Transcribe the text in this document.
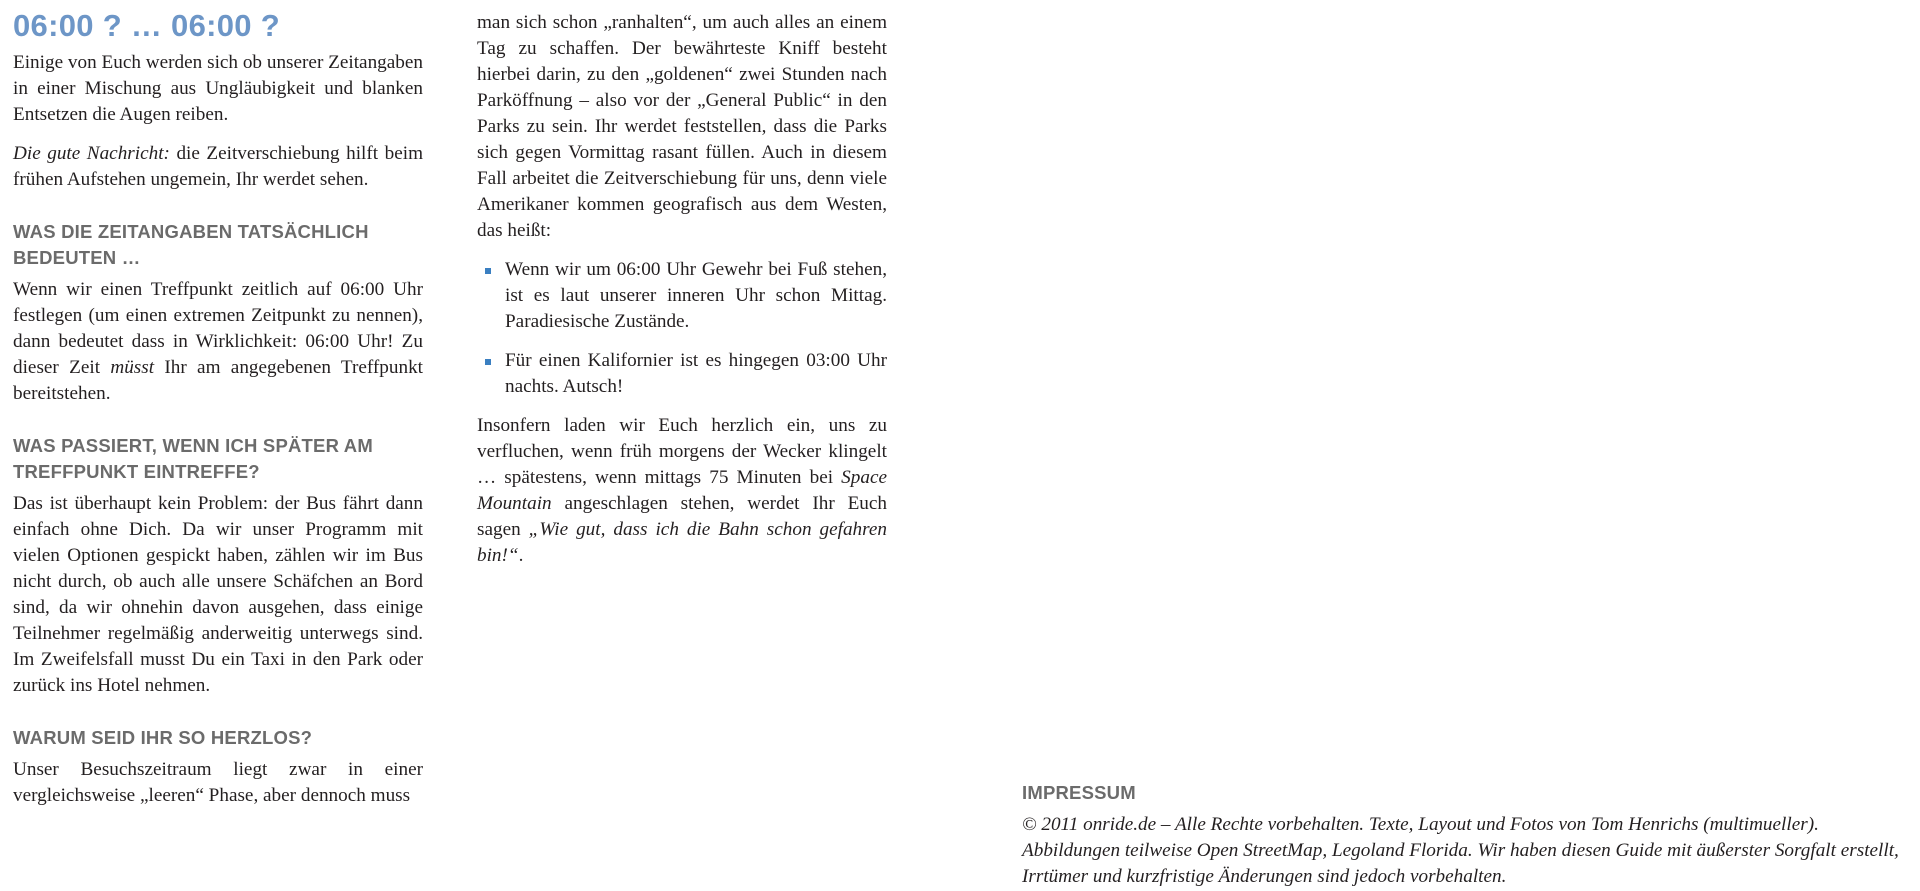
06:00 ? … 06:00 ?

Einige von Euch werden sich ob unserer Zeitangaben in einer Mischung aus Ungläubigkeit und blanken Entsetzen die Augen reiben.

Die gute Nachricht: die Zeitverschiebung hilft beim frühen Aufstehen ungemein, Ihr werdet sehen.

WAS DIE ZEITANGABEN TATSÄCHLICH BEDEUTEN …

Wenn wir einen Treffpunkt zeitlich auf 06:00 Uhr festlegen (um einen extremen Zeitpunkt zu nennen), dann bedeutet dass in Wirklichkeit: 06:00 Uhr! Zu dieser Zeit müsst Ihr am angegebenen Treffpunkt bereitstehen.

WAS PASSIERT, WENN ICH SPÄTER AM TREFFPUNKT EINTREFFE?

Das ist überhaupt kein Problem: der Bus fährt dann einfach ohne Dich. Da wir unser Programm mit vielen Optionen gespickt haben, zählen wir im Bus nicht durch, ob auch alle unsere Schäfchen an Bord sind, da wir ohnehin davon ausgehen, dass einige Teilnehmer regelmäßig anderweitig unterwegs sind. Im Zweifelsfall musst Du ein Taxi in den Park oder zurück ins Hotel nehmen.

WARUM SEID IHR SO HERZLOS?

Unser Besuchszeitraum liegt zwar in einer vergleichsweise „leeren“ Phase, aber dennoch muss

man sich schon „ranhalten“, um auch alles an einem Tag zu schaffen. Der bewährteste Kniff besteht hierbei darin, zu den „goldenen“ zwei Stunden nach Parköffnung – also vor der „General Public“ in den Parks zu sein. Ihr werdet feststellen, dass die Parks sich gegen Vormittag rasant füllen. Auch in diesem Fall arbeitet die Zeitverschiebung für uns, denn viele Amerikaner kommen geografisch aus dem Westen, das heißt:

Wenn wir um 06:00 Uhr Gewehr bei Fuß stehen, ist es laut unserer inneren Uhr schon Mittag. Paradiesische Zustände.
Für einen Kalifornier ist es hingegen 03:00 Uhr nachts. Autsch!

Insonfern laden wir Euch herzlich ein, uns zu verfluchen, wenn früh morgens der Wecker klingelt … spätestens, wenn mittags 75 Minuten bei Space Mountain angeschlagen stehen, werdet Ihr Euch sagen „Wie gut, dass ich die Bahn schon gefahren bin!“.

IMPRESSUM

© 2011 onride.de – Alle Rechte vorbehalten. Texte, Layout und Fotos von Tom Henrichs (multimueller). Abbildungen teilweise Open StreetMap, Legoland Florida. Wir haben diesen Guide mit äußerster Sorgfalt erstellt, Irrtümer und kurzfristige Änderungen sind jedoch vorbehalten.
